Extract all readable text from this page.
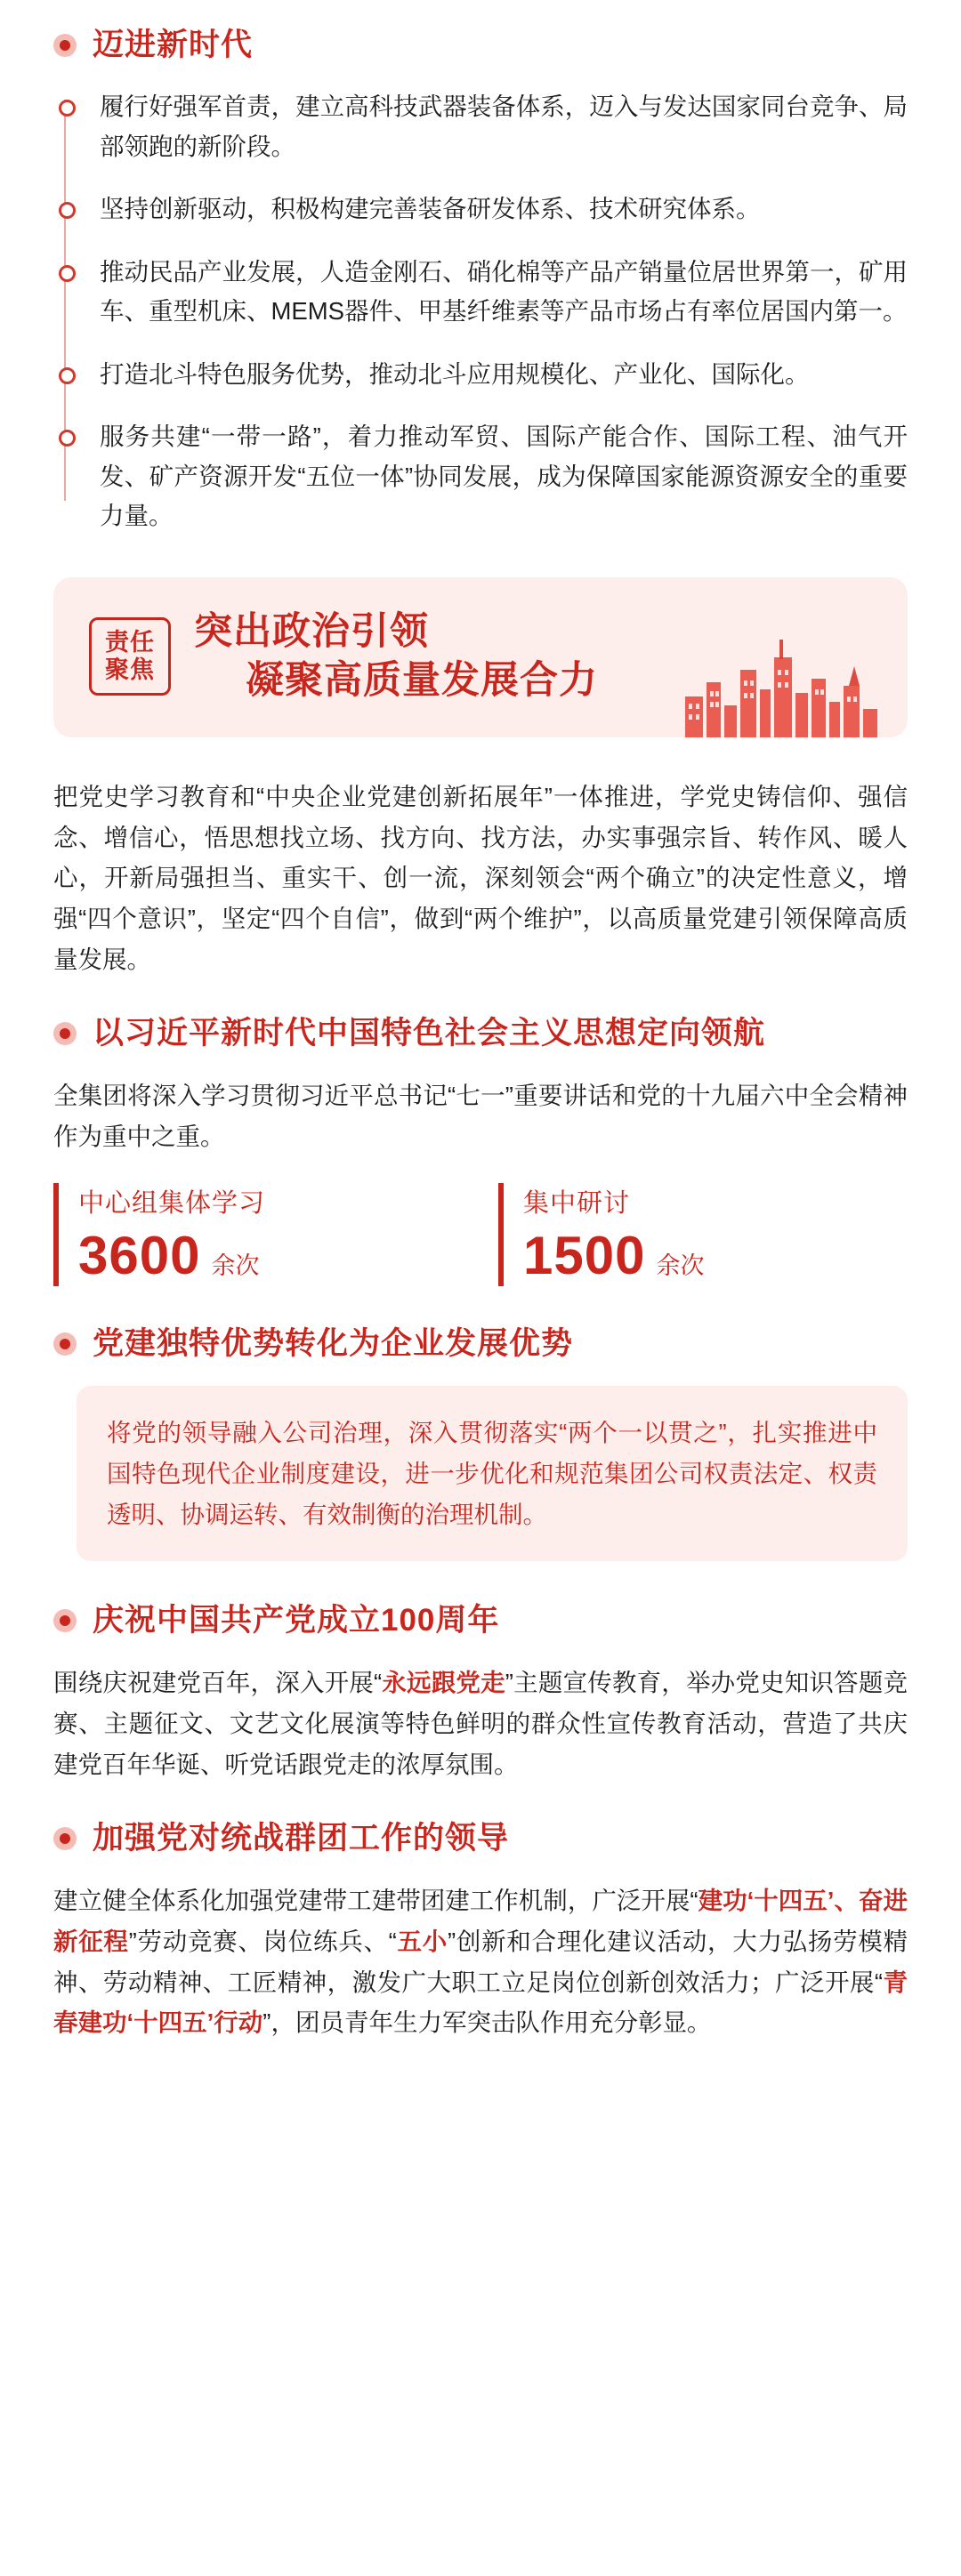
迈进新时代
履行好强军首责，建立高科技武器装备体系，迈入与发达国家同台竞争、局部领跑的新阶段。
坚持创新驱动，积极构建完善装备研发体系、技术研究体系。
推动民品产业发展，人造金刚石、硝化棉等产品产销量位居世界第一，矿用车、重型机床、MEMS器件、甲基纤维素等产品市场占有率位居国内第一。
打造北斗特色服务优势，推动北斗应用规模化、产业化、国际化。
服务共建“一带一路”，着力推动军贸、国际产能合作、国际工程、油气开发、矿产资源开发“五位一体”协同发展，成为保障国家能源资源安全的重要力量。
责任
聚焦
突出政治引领
凝聚高质量发展合力
把党史学习教育和“中央企业党建创新拓展年”一体推进，学党史铸信仰、强信念、增信心，悟思想找立场、找方向、找方法，办实事强宗旨、转作风、暖人心，开新局强担当、重实干、创一流，深刻领会“两个确立”的决定性意义，增强“四个意识”，坚定“四个自信”，做到“两个维护”，以高质量党建引领保障高质量发展。
以习近平新时代中国特色社会主义思想定向领航
全集团将深入学习贯彻习近平总书记“七一”重要讲话和党的十九届六中全会精神作为重中之重。
中心组集体学习
3600 余次
集中研讨
1500 余次
党建独特优势转化为企业发展优势
将党的领导融入公司治理，深入贯彻落实“两个一以贯之”，扎实推进中国特色现代企业制度建设，进一步优化和规范集团公司权责法定、权责透明、协调运转、有效制衡的治理机制。
庆祝中国共产党成立100周年
围绕庆祝建党百年，深入开展“永远跟党走”主题宣传教育，举办党史知识答题竞赛、主题征文、文艺文化展演等特色鲜明的群众性宣传教育活动，营造了共庆建党百年华诞、听党话跟党走的浓厚氛围。
加强党对统战群团工作的领导
建立健全体系化加强党建带工建带团建工作机制，广泛开展“建功‘十四五’、奋进新征程”劳动竞赛、岗位练兵、“五小”创新和合理化建议活动，大力弘扬劳模精神、劳动精神、工匠精神，激发广大职工立足岗位创新创效活力；广泛开展“青春建功‘十四五’行动”，团员青年生力军突击队作用充分彰显。
